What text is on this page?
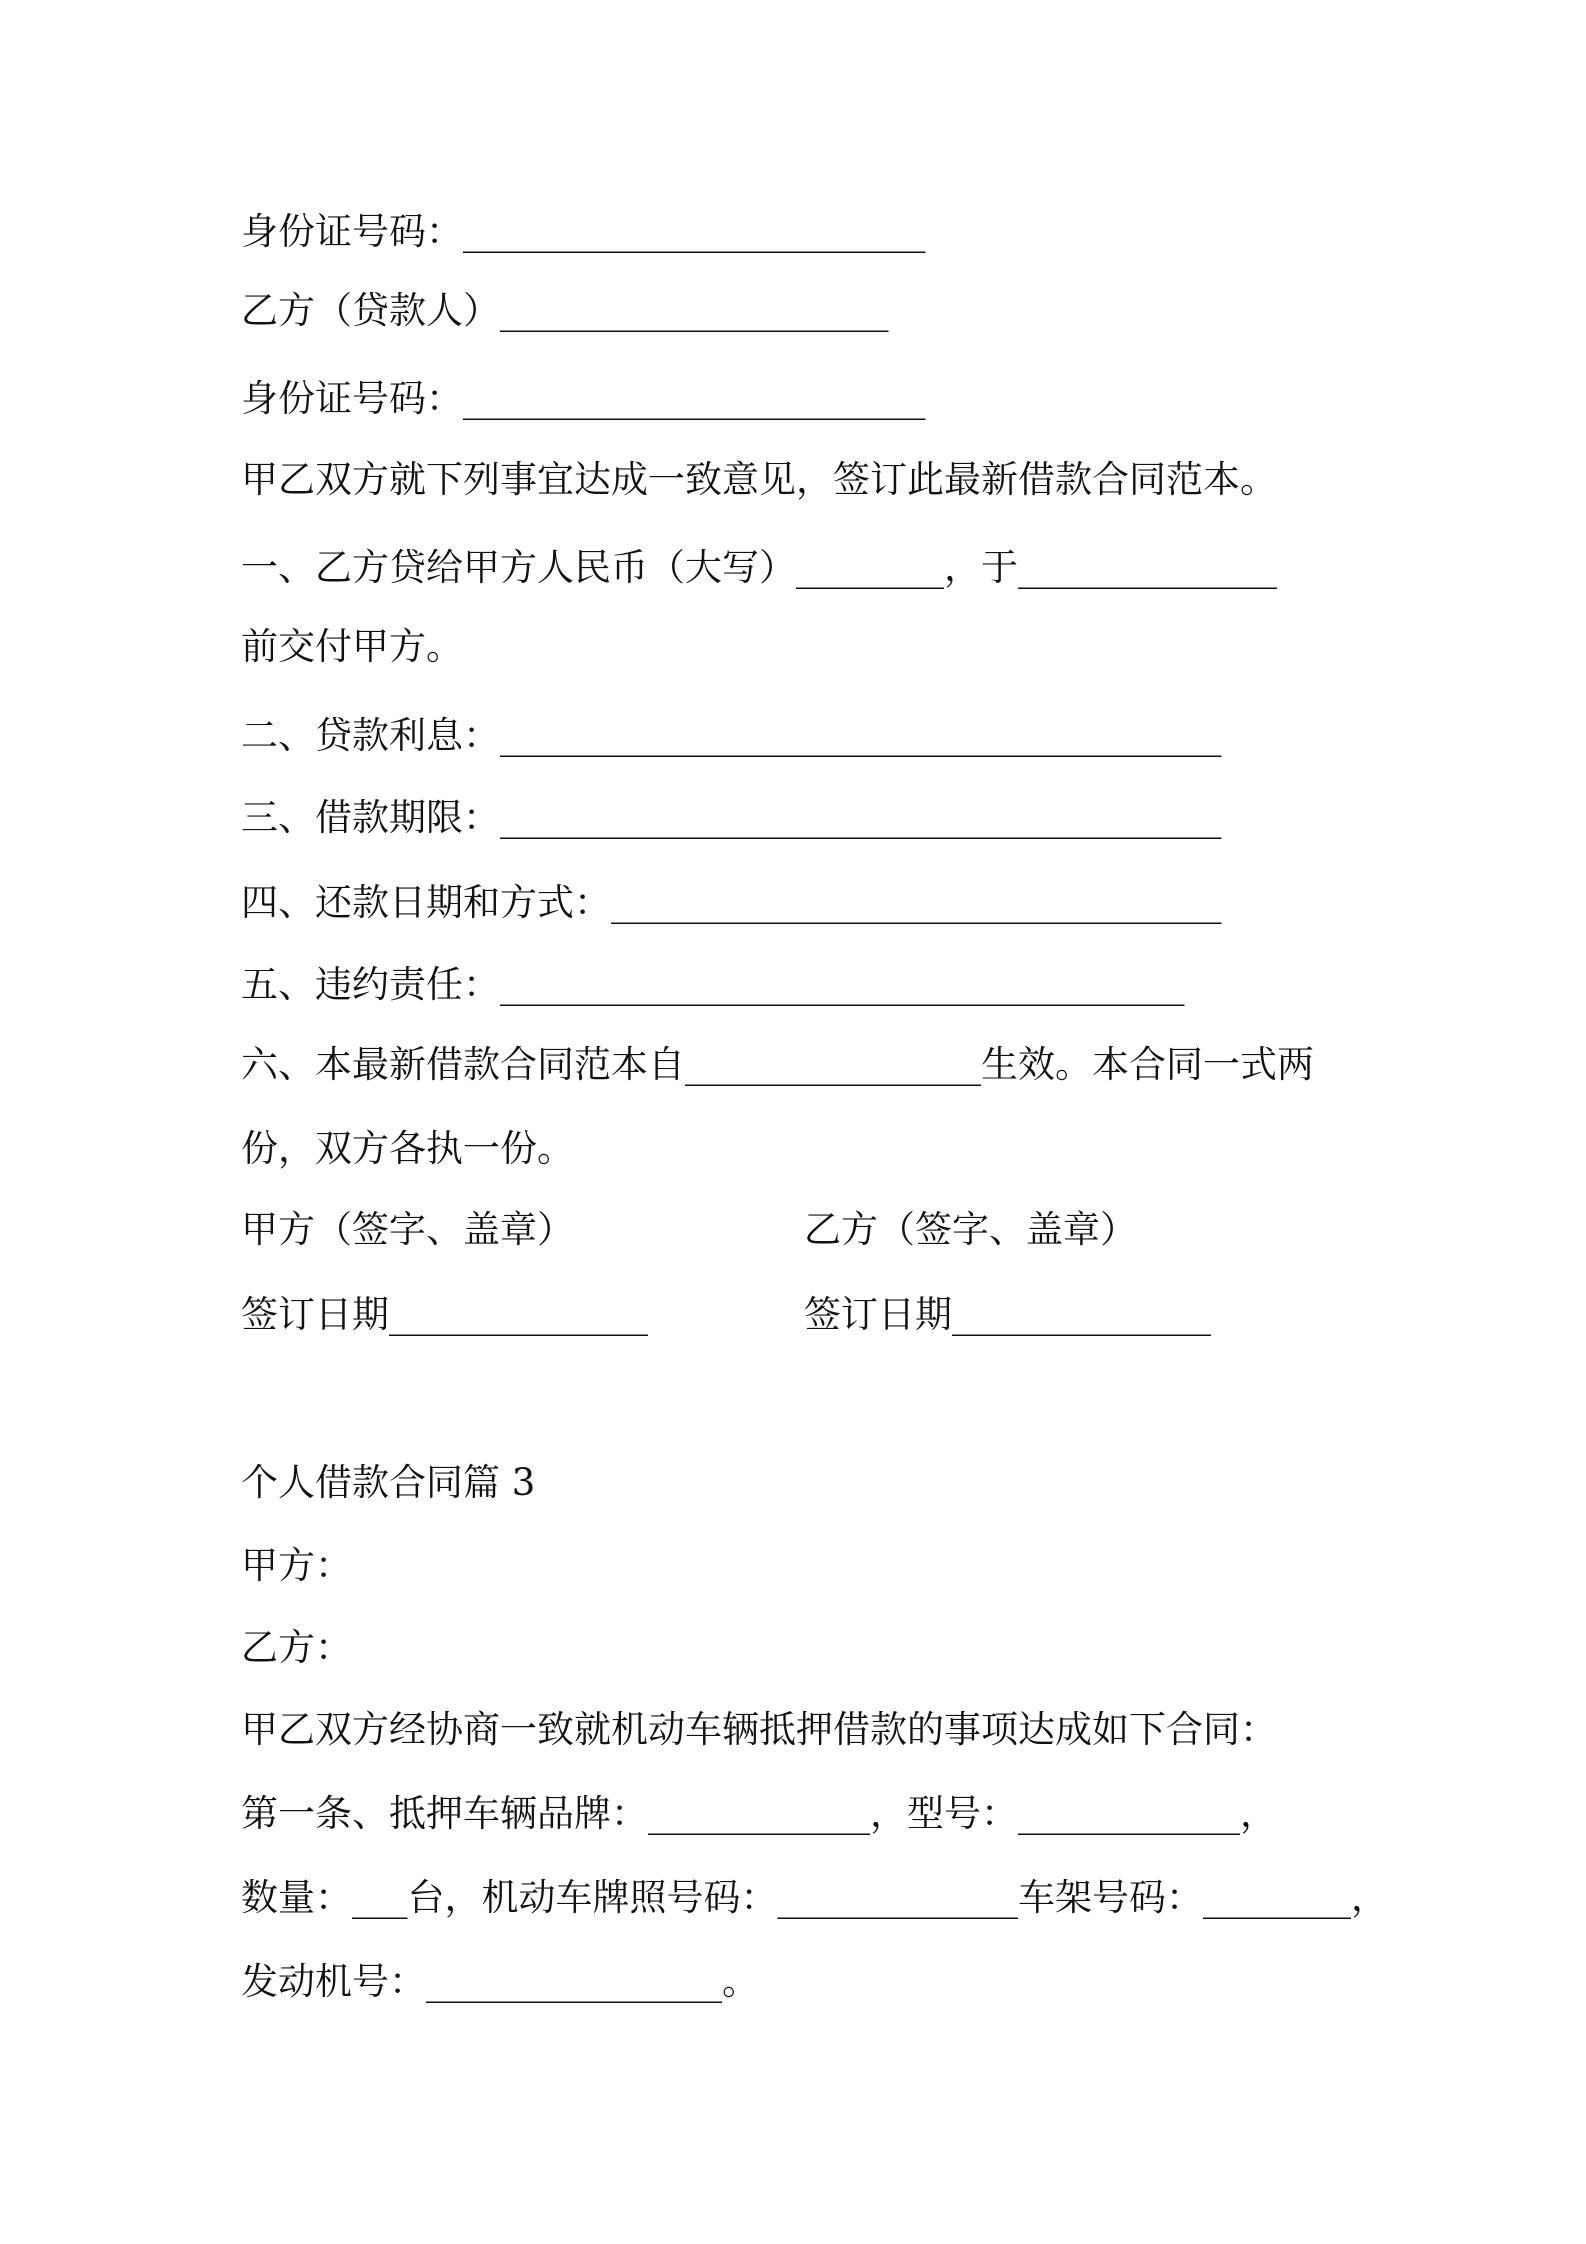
身份证号码：_________________________
乙方（贷款人）_____________________
身份证号码：_________________________
甲乙双方就下列事宜达成一致意见，签订此最新借款合同范本。
一、乙方贷给甲方人民币（大写）________，于______________
前交付甲方。
二、贷款利息：_______________________________________
三、借款期限：_______________________________________
四、还款日期和方式：_________________________________
五、违约责任：_____________________________________
六、本最新借款合同范本自________________生效。本合同一式两
份，双方各执一份。
甲方（签字、盖章）	乙方（签字、盖章）
签订日期______________	签订日期______________
个人借款合同篇 3
甲方：
乙方：
甲乙双方经协商一致就机动车辆抵押借款的事项达成如下合同：
第一条、抵押车辆品牌：____________，型号：____________，
数量：___台，机动车牌照号码：_____________车架号码：________，
发动机号：________________。
